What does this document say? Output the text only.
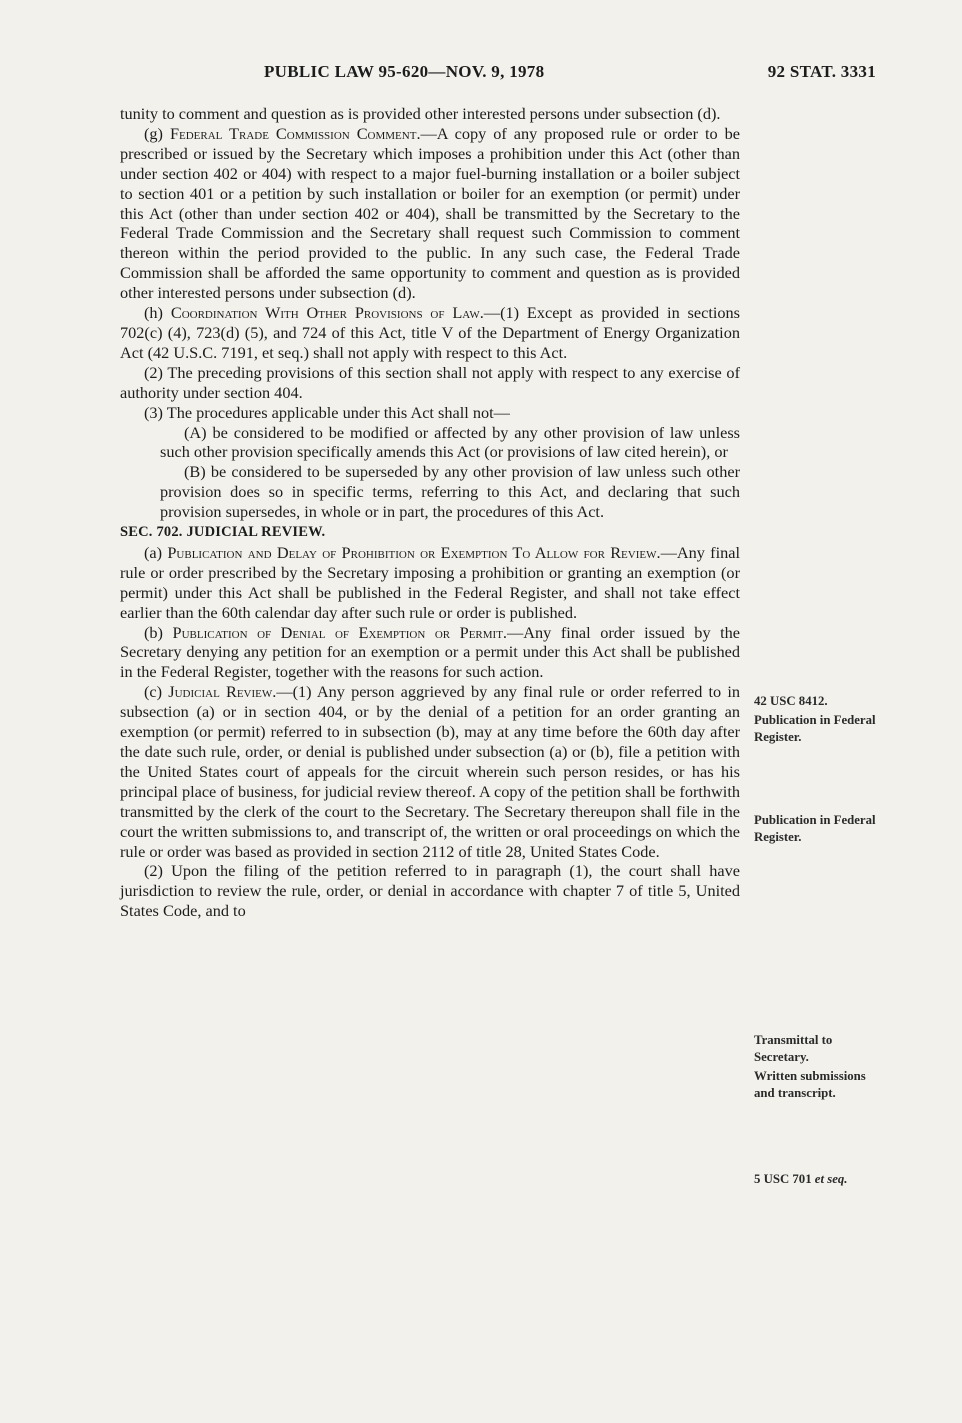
PUBLIC LAW 95-620—NOV. 9, 1978	92 STAT. 3331

tunity to comment and question as is provided other interested persons under subsection (d).

(g) Federal Trade Commission Comment.—A copy of any proposed rule or order to be prescribed or issued by the Secretary which imposes a prohibition under this Act (other than under section 402 or 404) with respect to a major fuel-burning installation or a boiler subject to section 401 or a petition by such installation or boiler for an exemption (or permit) under this Act (other than under section 402 or 404), shall be transmitted by the Secretary to the Federal Trade Commission and the Secretary shall request such Commission to comment thereon within the period provided to the public. In any such case, the Federal Trade Commission shall be afforded the same opportunity to comment and question as is provided other interested persons under subsection (d).

(h) Coordination With Other Provisions of Law.—(1) Except as provided in sections 702(c) (4), 723(d) (5), and 724 of this Act, title V of the Department of Energy Organization Act (42 U.S.C. 7191, et seq.) shall not apply with respect to this Act.

(2) The preceding provisions of this section shall not apply with respect to any exercise of authority under section 404.

(3) The procedures applicable under this Act shall not—

(A) be considered to be modified or affected by any other provision of law unless such other provision specifically amends this Act (or provisions of law cited herein), or

(B) be considered to be superseded by any other provision of law unless such other provision does so in specific terms, referring to this Act, and declaring that such provision supersedes, in whole or in part, the procedures of this Act.

SEC. 702. JUDICIAL REVIEW.

(a) Publication and Delay of Prohibition or Exemption To Allow for Review.—Any final rule or order prescribed by the Secretary imposing a prohibition or granting an exemption (or permit) under this Act shall be published in the Federal Register, and shall not take effect earlier than the 60th calendar day after such rule or order is published.

(b) Publication of Denial of Exemption or Permit.—Any final order issued by the Secretary denying any petition for an exemption or a permit under this Act shall be published in the Federal Register, together with the reasons for such action.

(c) Judicial Review.—(1) Any person aggrieved by any final rule or order referred to in subsection (a) or in section 404, or by the denial of a petition for an order granting an exemption (or permit) referred to in subsection (b), may at any time before the 60th day after the date such rule, order, or denial is published under subsection (a) or (b), file a petition with the United States court of appeals for the circuit wherein such person resides, or has his principal place of business, for judicial review thereof. A copy of the petition shall be forthwith transmitted by the clerk of the court to the Secretary. The Secretary thereupon shall file in the court the written submissions to, and transcript of, the written or oral proceedings on which the rule or order was based as provided in section 2112 of title 28, United States Code.

(2) Upon the filing of the petition referred to in paragraph (1), the court shall have jurisdiction to review the rule, order, or denial in accordance with chapter 7 of title 5, United States Code, and to

42 USC 8412.
Publication in Federal Register.
Publication in Federal Register.
Transmittal to Secretary.
Written submissions and transcript.
5 USC 701 et seq.
